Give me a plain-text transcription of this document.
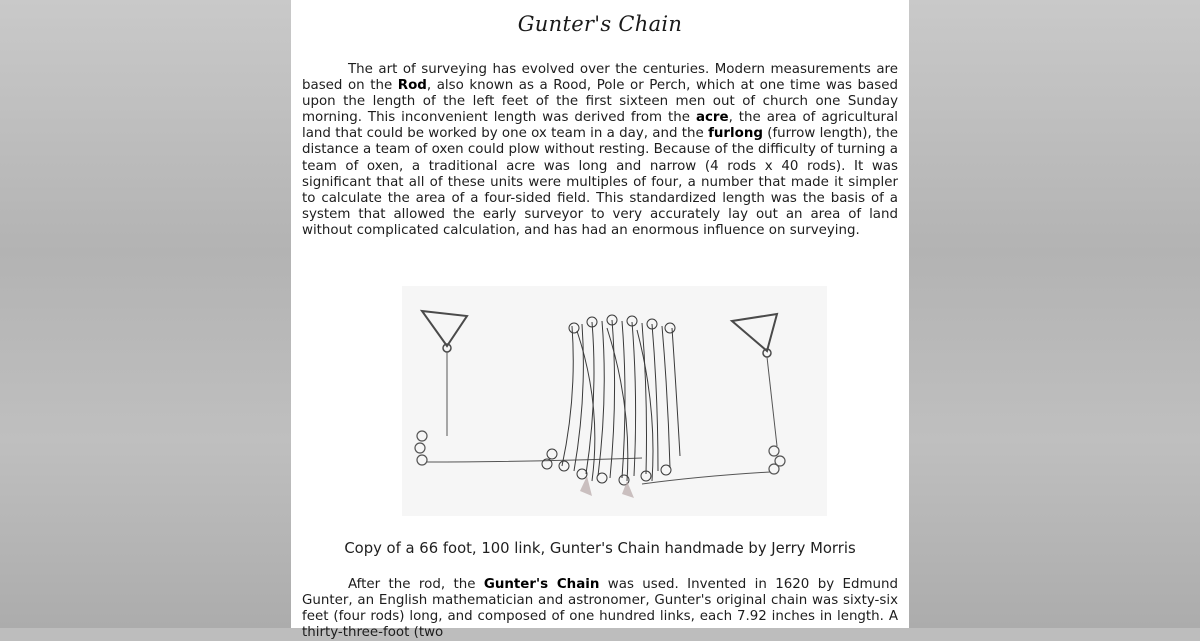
Gunter's Chain

The art of surveying has evolved over the centuries. Modern measurements are based on the Rod, also known as a Rood, Pole or Perch, which at one time was based upon the length of the left feet of the first sixteen men out of church one Sunday morning. This inconvenient length was derived from the acre, the area of agricultural land that could be worked by one ox team in a day, and the furlong (furrow length), the distance a team of oxen could plow without resting. Because of the difficulty of turning a team of oxen, a traditional acre was long and narrow (4 rods x 40 rods). It was significant that all of these units were multiples of four, a number that made it simpler to calculate the area of a four-sided field. This standardized length was the basis of a system that allowed the early surveyor to very accurately lay out an area of land without complicated calculation, and has had an enormous influence on surveying.

Copy of a 66 foot, 100 link, Gunter's Chain handmade by Jerry Morris

After the rod, the Gunter's Chain was used. Invented in 1620 by Edmund Gunter, an English mathematician and astronomer, Gunter's original chain was sixty-six feet (four rods) long, and composed of one hundred links, each 7.92 inches in length. A thirty-three-foot (two
